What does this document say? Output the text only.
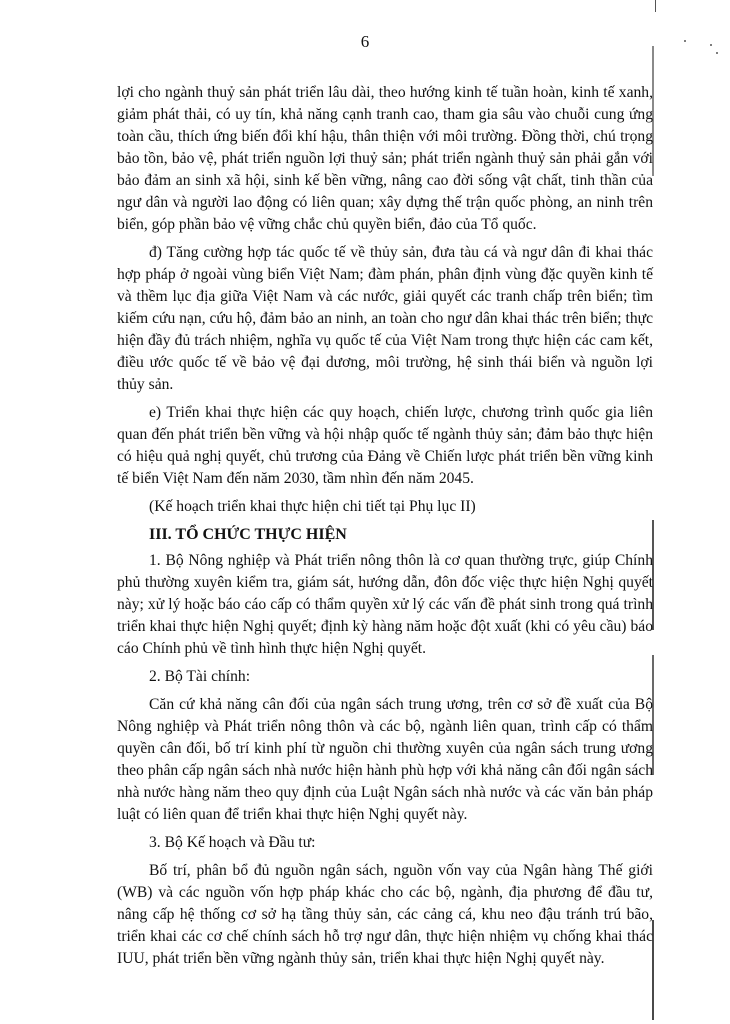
6

lợi cho ngành thuỷ sản phát triển lâu dài, theo hướng kinh tế tuần hoàn, kinh tế xanh, giảm phát thải, có uy tín, khả năng cạnh tranh cao, tham gia sâu vào chuỗi cung ứng toàn cầu, thích ứng biến đổi khí hậu, thân thiện với môi trường. Đồng thời, chú trọng bảo tồn, bảo vệ, phát triển nguồn lợi thuỷ sản; phát triển ngành thuỷ sản phải gắn với bảo đảm an sinh xã hội, sinh kế bền vững, nâng cao đời sống vật chất, tinh thần của ngư dân và người lao động có liên quan; xây dựng thế trận quốc phòng, an ninh trên biển, góp phần bảo vệ vững chắc chủ quyền biển, đảo của Tổ quốc.

đ) Tăng cường hợp tác quốc tế về thủy sản, đưa tàu cá và ngư dân đi khai thác hợp pháp ở ngoài vùng biển Việt Nam; đàm phán, phân định vùng đặc quyền kinh tế và thềm lục địa giữa Việt Nam và các nước, giải quyết các tranh chấp trên biển; tìm kiếm cứu nạn, cứu hộ, đảm bảo an ninh, an toàn cho ngư dân khai thác trên biển; thực hiện đầy đủ trách nhiệm, nghĩa vụ quốc tế của Việt Nam trong thực hiện các cam kết, điều ước quốc tế về bảo vệ đại dương, môi trường, hệ sinh thái biển và nguồn lợi thủy sản.

e) Triển khai thực hiện các quy hoạch, chiến lược, chương trình quốc gia liên quan đến phát triển bền vững và hội nhập quốc tế ngành thủy sản; đảm bảo thực hiện có hiệu quả nghị quyết, chủ trương của Đảng về Chiến lược phát triển bền vững kinh tế biển Việt Nam đến năm 2030, tầm nhìn đến năm 2045.

(Kế hoạch triển khai thực hiện chi tiết tại Phụ lục II)

III. TỔ CHỨC THỰC HIỆN

1. Bộ Nông nghiệp và Phát triển nông thôn là cơ quan thường trực, giúp Chính phủ thường xuyên kiểm tra, giám sát, hướng dẫn, đôn đốc việc thực hiện Nghị quyết này; xử lý hoặc báo cáo cấp có thẩm quyền xử lý các vấn đề phát sinh trong quá trình triển khai thực hiện Nghị quyết; định kỳ hàng năm hoặc đột xuất (khi có yêu cầu) báo cáo Chính phủ về tình hình thực hiện Nghị quyết.

2. Bộ Tài chính:

Căn cứ khả năng cân đối của ngân sách trung ương, trên cơ sở đề xuất của Bộ Nông nghiệp và Phát triển nông thôn và các bộ, ngành liên quan, trình cấp có thẩm quyền cân đối, bố trí kinh phí từ nguồn chi thường xuyên của ngân sách trung ương theo phân cấp ngân sách nhà nước hiện hành phù hợp với khả năng cân đối ngân sách nhà nước hàng năm theo quy định của Luật Ngân sách nhà nước và các văn bản pháp luật có liên quan để triển khai thực hiện Nghị quyết này.

3. Bộ Kế hoạch và Đầu tư:

Bố trí, phân bổ đủ nguồn ngân sách, nguồn vốn vay của Ngân hàng Thế giới (WB) và các nguồn vốn hợp pháp khác cho các bộ, ngành, địa phương để đầu tư, nâng cấp hệ thống cơ sở hạ tầng thủy sản, các cảng cá, khu neo đậu tránh trú bão, triển khai các cơ chế chính sách hỗ trợ ngư dân, thực hiện nhiệm vụ chống khai thác IUU, phát triển bền vững ngành thủy sản, triển khai thực hiện Nghị quyết này.
